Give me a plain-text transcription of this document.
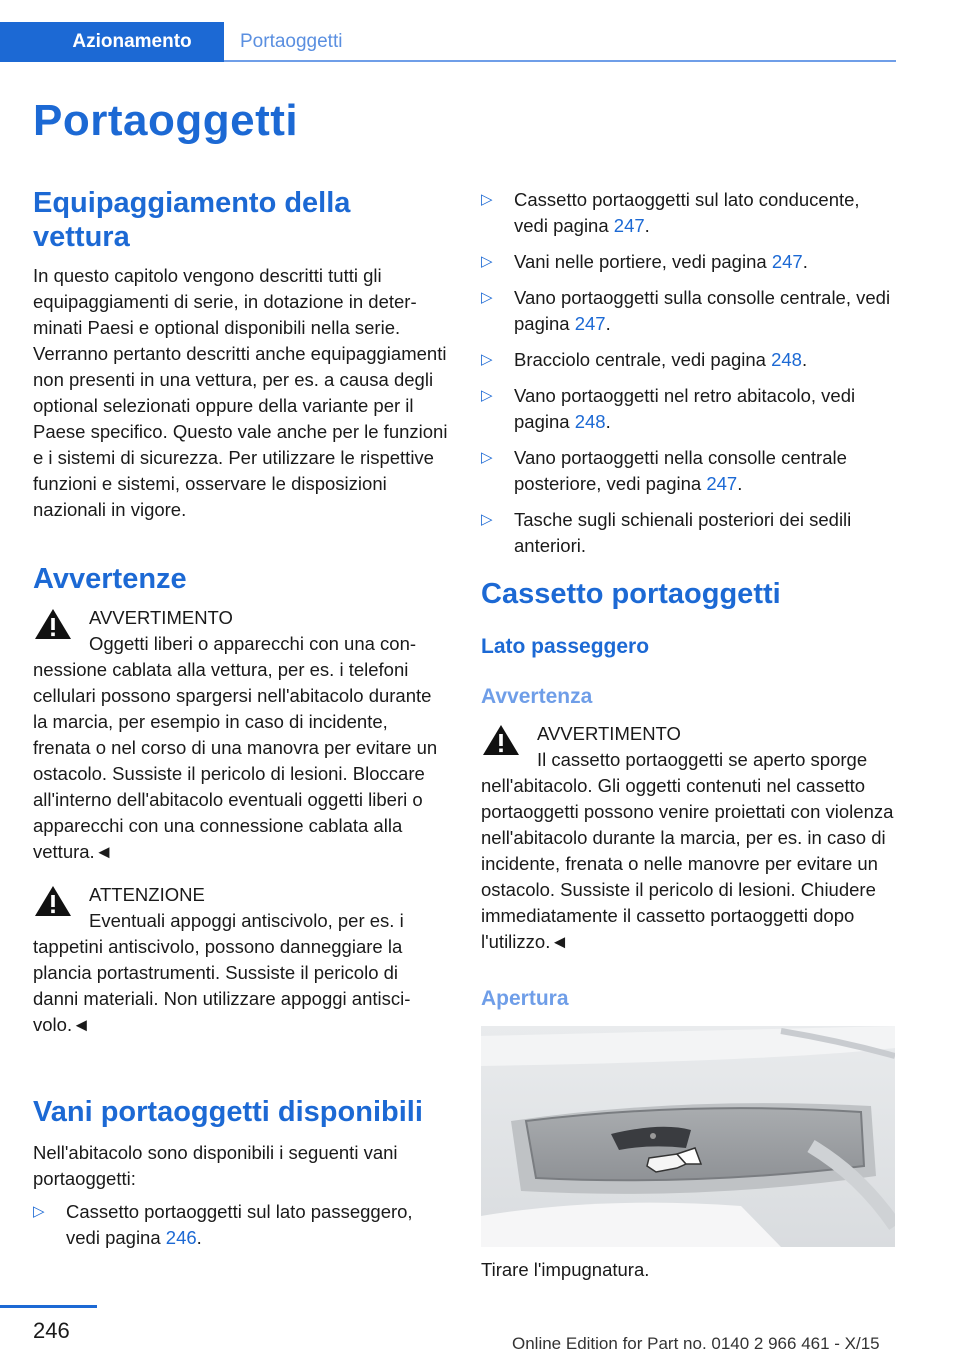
Azionamento	Portaoggetti
Portaoggetti
Equipaggiamento della vettura
In questo capitolo vengono descritti tutti gli equipaggiamenti di serie, in dotazione in determinati Paesi e optional disponibili nella serie. Verranno pertanto descritti anche equipaggiamenti non presenti in una vettura, per es. a causa degli optional selezionati oppure della variante per il Paese specifico. Questo vale anche per le funzioni e i sistemi di sicurezza. Per utilizzare le rispettive funzioni e sistemi, osservare le disposizioni nazionali in vigore.
Avvertenze
AVVERTIMENTO
Oggetti liberi o apparecchi con una connessione cablata alla vettura, per es. i telefoni cellulari possono spargersi nell'abitacolo durante la marcia, per esempio in caso di incidente, frenata o nel corso di una manovra per evitare un ostacolo. Sussiste il pericolo di lesioni. Bloccare all'interno dell'abitacolo eventuali oggetti liberi o apparecchi con una connessione cablata alla vettura.◄
ATTENZIONE
Eventuali appoggi antiscivolo, per es. i tappetini antiscivolo, possono danneggiare la plancia portastrumenti. Sussiste il pericolo di danni materiali. Non utilizzare appoggi antiscivolo.◄
Vani portaoggetti disponibili
Nell'abitacolo sono disponibili i seguenti vani portaoggetti:
▷ Cassetto portaoggetti sul lato passeggero, vedi pagina 246.
▷ Cassetto portaoggetti sul lato conducente, vedi pagina 247.
▷ Vani nelle portiere, vedi pagina 247.
▷ Vano portaoggetti sulla consolle centrale, vedi pagina 247.
▷ Bracciolo centrale, vedi pagina 248.
▷ Vano portaoggetti nel retro abitacolo, vedi pagina 248.
▷ Vano portaoggetti nella consolle centrale posteriore, vedi pagina 247.
▷ Tasche sugli schienali posteriori dei sedili anteriori.
Cassetto portaoggetti
Lato passeggero
Avvertenza
AVVERTIMENTO
Il cassetto portaoggetti se aperto sporge nell'abitacolo. Gli oggetti contenuti nel cassetto portaoggetti possono venire proiettati con violenza nell'abitacolo durante la marcia, per es. in caso di incidente, frenata o nelle manovre per evitare un ostacolo. Sussiste il pericolo di lesioni. Chiudere immediatamente il cassetto portaoggetti dopo l'utilizzo.◄
Apertura
Tirare l'impugnatura.
246
Online Edition for Part no. 0140 2 966 461 - X/15
